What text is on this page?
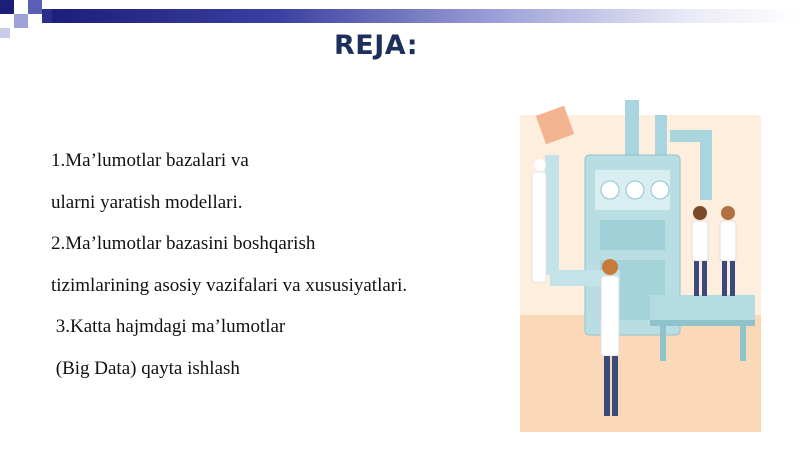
REJA:
1.Ma’lumotlar bazalari va
ularni yaratish modellari.
2.Ma’lumotlar bazasini boshqarish
tizimlarining asosiy vazifalari va xususiyatlari.
3.Katta hajmdagi ma’lumotlar
(Big Data) qayta ishlash
